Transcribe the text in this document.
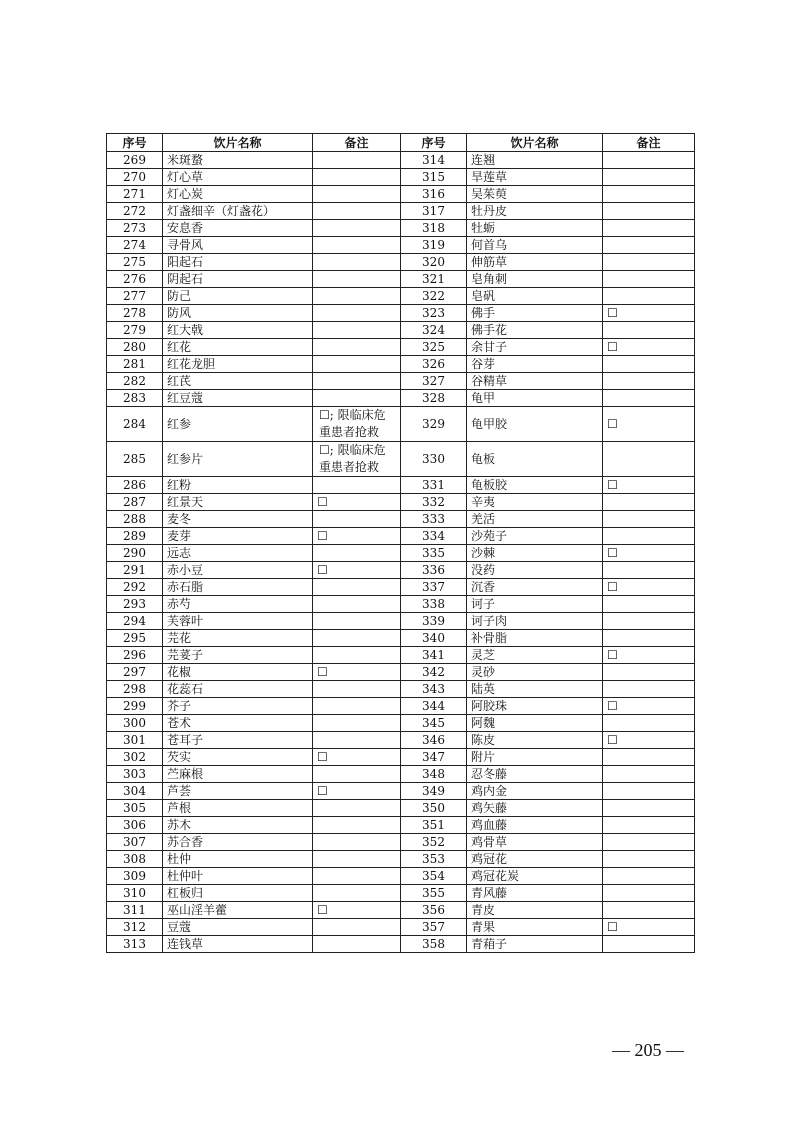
序号	饮片名称	备注	序号	饮片名称	备注
269	米斑蝥		314	连翘	
270	灯心草		315	旱莲草	
271	灯心炭		316	吴茱萸	
272	灯盏细辛（灯盏花）		317	牡丹皮	
273	安息香		318	牡蛎	
274	寻骨风		319	何首乌	
275	阳起石		320	伸筋草	
276	阴起石		321	皂角刺	
277	防己		322	皂矾	
278	防风		323	佛手	☐
279	红大戟		324	佛手花	
280	红花		325	余甘子	☐
281	红花龙胆		326	谷芽	
282	红芪		327	谷精草	
283	红豆蔻		328	龟甲	
284	红参	☐; 限临床危重患者抢救	329	龟甲胶	☐
285	红参片	☐; 限临床危重患者抢救	330	龟板	
286	红粉		331	龟板胶	☐
287	红景天	☐	332	辛夷	
288	麦冬		333	羌活	
289	麦芽	☐	334	沙苑子	
290	远志		335	沙棘	☐
291	赤小豆	☐	336	没药	
292	赤石脂		337	沉香	☐
293	赤芍		338	诃子	
294	芙蓉叶		339	诃子肉	
295	芫花		340	补骨脂	
296	芫荽子		341	灵芝	☐
297	花椒	☐	342	灵砂	
298	花蕊石		343	陆英	
299	芥子		344	阿胶珠	☐
300	苍术		345	阿魏	
301	苍耳子		346	陈皮	☐
302	芡实	☐	347	附片	
303	苎麻根		348	忍冬藤	
304	芦荟	☐	349	鸡内金	
305	芦根		350	鸡矢藤	
306	苏木		351	鸡血藤	
307	苏合香		352	鸡骨草	
308	杜仲		353	鸡冠花	
309	杜仲叶		354	鸡冠花炭	
310	杠板归		355	青风藤	
311	巫山淫羊藿	☐	356	青皮	
312	豆蔻		357	青果	☐
313	连钱草		358	青葙子	
— 205 —
